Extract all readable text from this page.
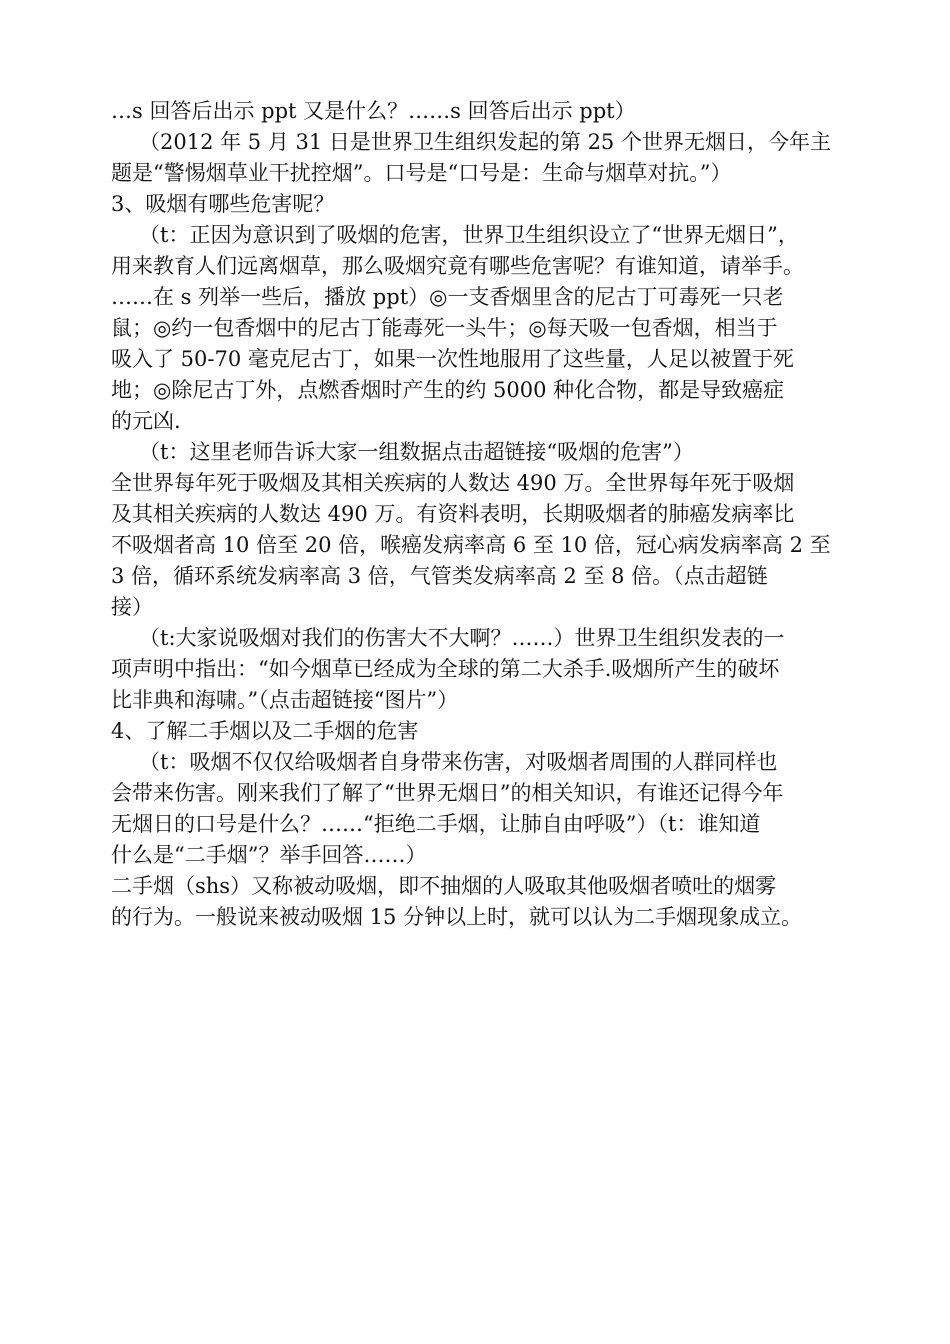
…s 回答后出示 ppt 又是什么？……s 回答后出示 ppt）
（2012 年 5 月 31 日是世界卫生组织发起的第 25 个世界无烟日，今年主
题是“警惕烟草业干扰控烟”。口号是“口号是：生命与烟草对抗。”）
3、吸烟有哪些危害呢？
（t：正因为意识到了吸烟的危害，世界卫生组织设立了“世界无烟日”，
用来教育人们远离烟草，那么吸烟究竟有哪些危害呢？有谁知道，请举手。
……在 s 列举一些后，播放 ppt）◎一支香烟里含的尼古丁可毒死一只老
鼠；◎约一包香烟中的尼古丁能毒死一头牛；◎每天吸一包香烟，相当于
吸入了 50-70 毫克尼古丁，如果一次性地服用了这些量，人足以被置于死
地；◎除尼古丁外，点燃香烟时产生的约 5000 种化合物，都是导致癌症
的元凶.
（t：这里老师告诉大家一组数据点击超链接“吸烟的危害”）
全世界每年死于吸烟及其相关疾病的人数达 490 万。全世界每年死于吸烟
及其相关疾病的人数达 490 万。有资料表明，长期吸烟者的肺癌发病率比
不吸烟者高 10 倍至 20 倍，喉癌发病率高 6 至 10 倍，冠心病发病率高 2 至
3 倍，循环系统发病率高 3 倍，气管类发病率高 2 至 8 倍。（点击超链
接）
（t:大家说吸烟对我们的伤害大不大啊？……）世界卫生组织发表的一
项声明中指出：“如今烟草已经成为全球的第二大杀手.吸烟所产生的破坏
比非典和海啸。”（点击超链接“图片”）
4、了解二手烟以及二手烟的危害
（t：吸烟不仅仅给吸烟者自身带来伤害，对吸烟者周围的人群同样也
会带来伤害。刚来我们了解了“世界无烟日”的相关知识，有谁还记得今年
无烟日的口号是什么？……“拒绝二手烟，让肺自由呼吸”）（t：谁知道
什么是“二手烟”？举手回答……）
二手烟（shs）又称被动吸烟，即不抽烟的人吸取其他吸烟者喷吐的烟雾
的行为。一般说来被动吸烟 15 分钟以上时，就可以认为二手烟现象成立。
